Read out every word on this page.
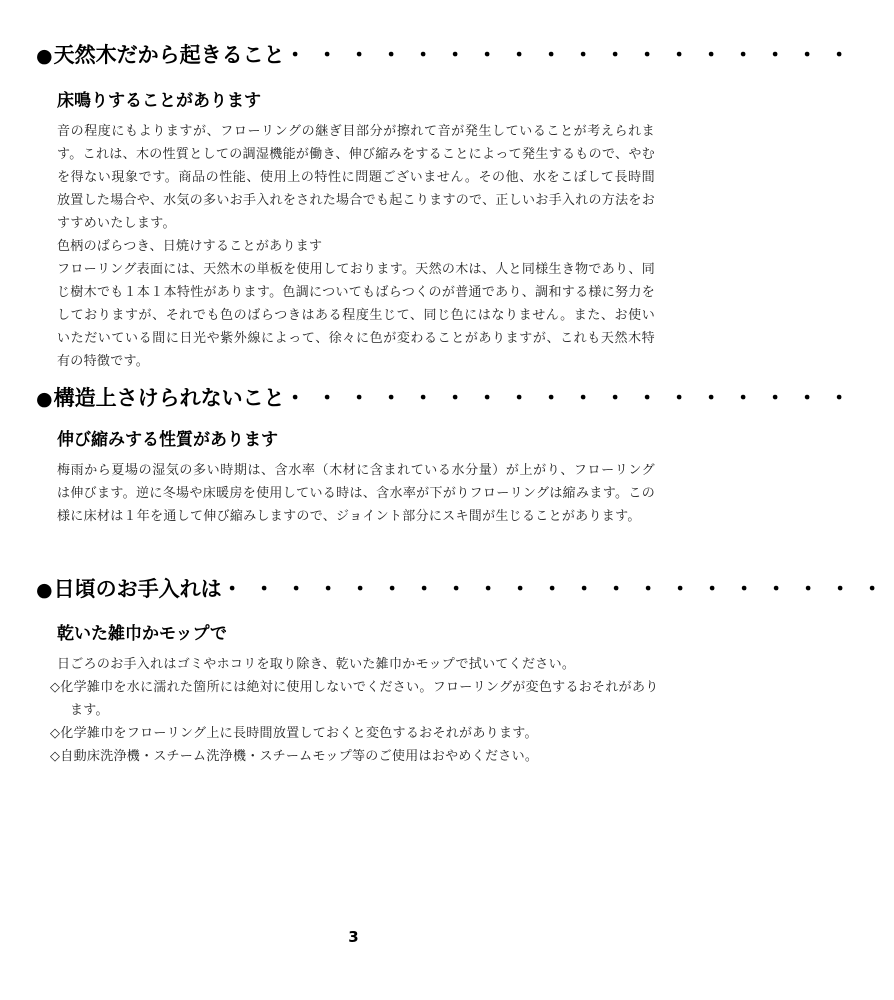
●天然木だから起きること・・・・・・・・・・・・・・・・・・
床鳴りすることがあります

音の程度にもよりますが、フローリングの継ぎ目部分が擦れて音が発生していることが考えられます。これは、木の性質としての調湿機能が働き、伸び縮みをすることによって発生するもので、やむを得ない現象です。商品の性能、使用上の特性に問題ございません。その他、水をこぼして長時間放置した場合や、水気の多いお手入れをされた場合でも起こりますので、正しいお手入れの方法をおすすめいたします。

色柄のばらつき、日焼けすることがあります

フローリング表面には、天然木の単板を使用しております。天然の木は、人と同様生き物であり、同じ樹木でも１本１本特性があります。色調についてもばらつくのが普通であり、調和する様に努力をしておりますが、それでも色のばらつきはある程度生じて、同じ色にはなりません。また、お使いいただいている間に日光や紫外線によって、徐々に色が変わることがありますが、これも天然木特有の特徴です。

●構造上さけられないこと・・・・・・・・・・・・・・・・・・
伸び縮みする性質があります

梅雨から夏場の湿気の多い時期は、含水率（木材に含まれている水分量）が上がり、フローリングは伸びます。逆に冬場や床暖房を使用している時は、含水率が下がりフローリングは縮みます。この様に床材は１年を通して伸び縮みしますので、ジョイント部分にスキ間が生じることがあります。

●日頃のお手入れは・・・・・・・・・・・・・・・・・・・・・
乾いた雑巾かモップで

日ごろのお手入れはゴミやホコリを取り除き、乾いた雑巾かモップで拭いてください。

◇化学雑巾を水に濡れた箇所には絶対に使用しないでください。フローリングが変色するおそれがあります。
◇化学雑巾をフローリング上に長時間放置しておくと変色するおそれがあります。
◇自動床洗浄機・スチーム洗浄機・スチームモップ等のご使用はおやめください。
3
